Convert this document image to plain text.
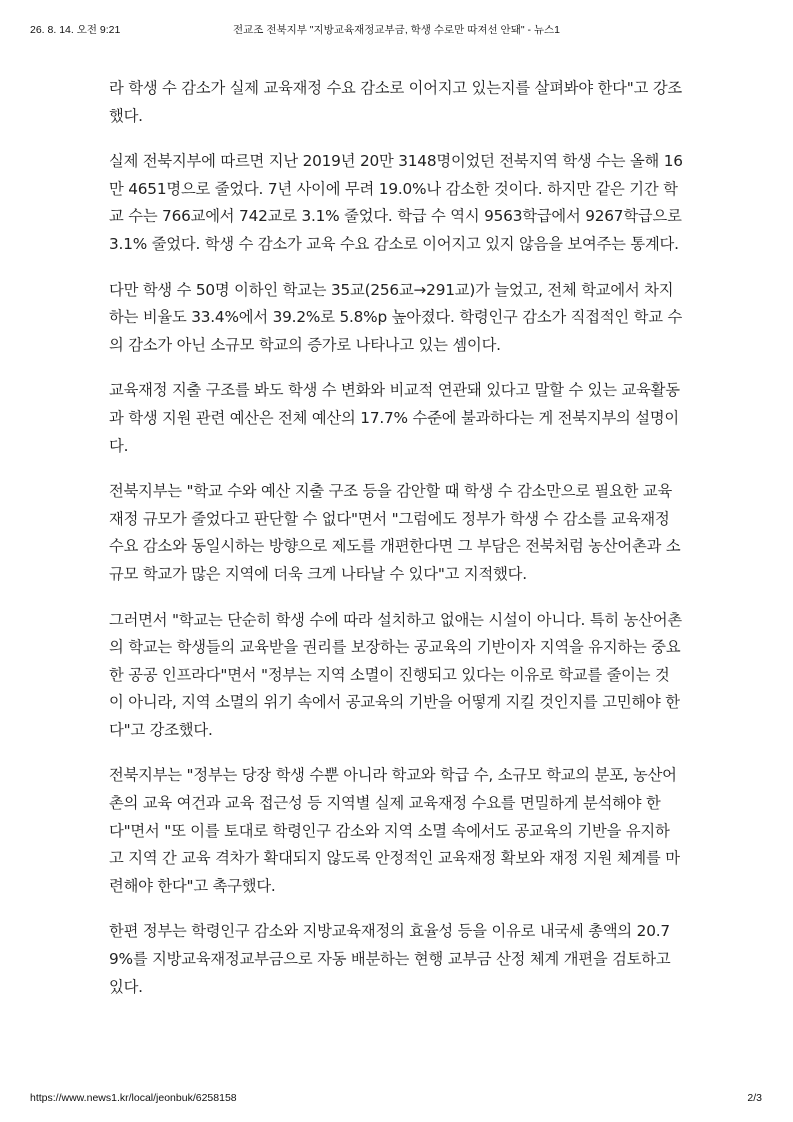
26. 8. 14. 오전 9:21	전교조 전북지부 "지방교육재정교부금, 학생 수로만 따져선 안돼" - 뉴스1

라 학생 수 감소가 실제 교육재정 수요 감소로 이어지고 있는지를 살펴봐야 한다"고 강조했다.

실제 전북지부에 따르면 지난 2019년 20만 3148명이었던 전북지역 학생 수는 올해 16만 4651명으로 줄었다. 7년 사이에 무려 19.0%나 감소한 것이다. 하지만 같은 기간 학교 수는 766교에서 742교로 3.1% 줄었다. 학급 수 역시 9563학급에서 9267학급으로 3.1% 줄었다. 학생 수 감소가 교육 수요 감소로 이어지고 있지 않음을 보여주는 통계다.

다만 학생 수 50명 이하인 학교는 35교(256교→291교)가 늘었고, 전체 학교에서 차지하는 비율도 33.4%에서 39.2%로 5.8%p 높아졌다. 학령인구 감소가 직접적인 학교 수의 감소가 아닌 소규모 학교의 증가로 나타나고 있는 셈이다.

교육재정 지출 구조를 봐도 학생 수 변화와 비교적 연관돼 있다고 말할 수 있는 교육활동과 학생 지원 관련 예산은 전체 예산의 17.7% 수준에 불과하다는 게 전북지부의 설명이다.

전북지부는 "학교 수와 예산 지출 구조 등을 감안할 때 학생 수 감소만으로 필요한 교육재정 규모가 줄었다고 판단할 수 없다"면서 "그럼에도 정부가 학생 수 감소를 교육재정 수요 감소와 동일시하는 방향으로 제도를 개편한다면 그 부담은 전북처럼 농산어촌과 소규모 학교가 많은 지역에 더욱 크게 나타날 수 있다"고 지적했다.

그러면서 "학교는 단순히 학생 수에 따라 설치하고 없애는 시설이 아니다. 특히 농산어촌의 학교는 학생들의 교육받을 권리를 보장하는 공교육의 기반이자 지역을 유지하는 중요한 공공 인프라다"면서 "정부는 지역 소멸이 진행되고 있다는 이유로 학교를 줄이는 것이 아니라, 지역 소멸의 위기 속에서 공교육의 기반을 어떻게 지킬 것인지를 고민해야 한다"고 강조했다.

전북지부는 "정부는 당장 학생 수뿐 아니라 학교와 학급 수, 소규모 학교의 분포, 농산어촌의 교육 여건과 교육 접근성 등 지역별 실제 교육재정 수요를 면밀하게 분석해야 한다"면서 "또 이를 토대로 학령인구 감소와 지역 소멸 속에서도 공교육의 기반을 유지하고 지역 간 교육 격차가 확대되지 않도록 안정적인 교육재정 확보와 재정 지원 체계를 마련해야 한다"고 촉구했다.

한편 정부는 학령인구 감소와 지방교육재정의 효율성 등을 이유로 내국세 총액의 20.79%를 지방교육재정교부금으로 자동 배분하는 현행 교부금 산정 체계 개편을 검토하고 있다.

https://www.news1.kr/local/jeonbuk/6258158	2/3
